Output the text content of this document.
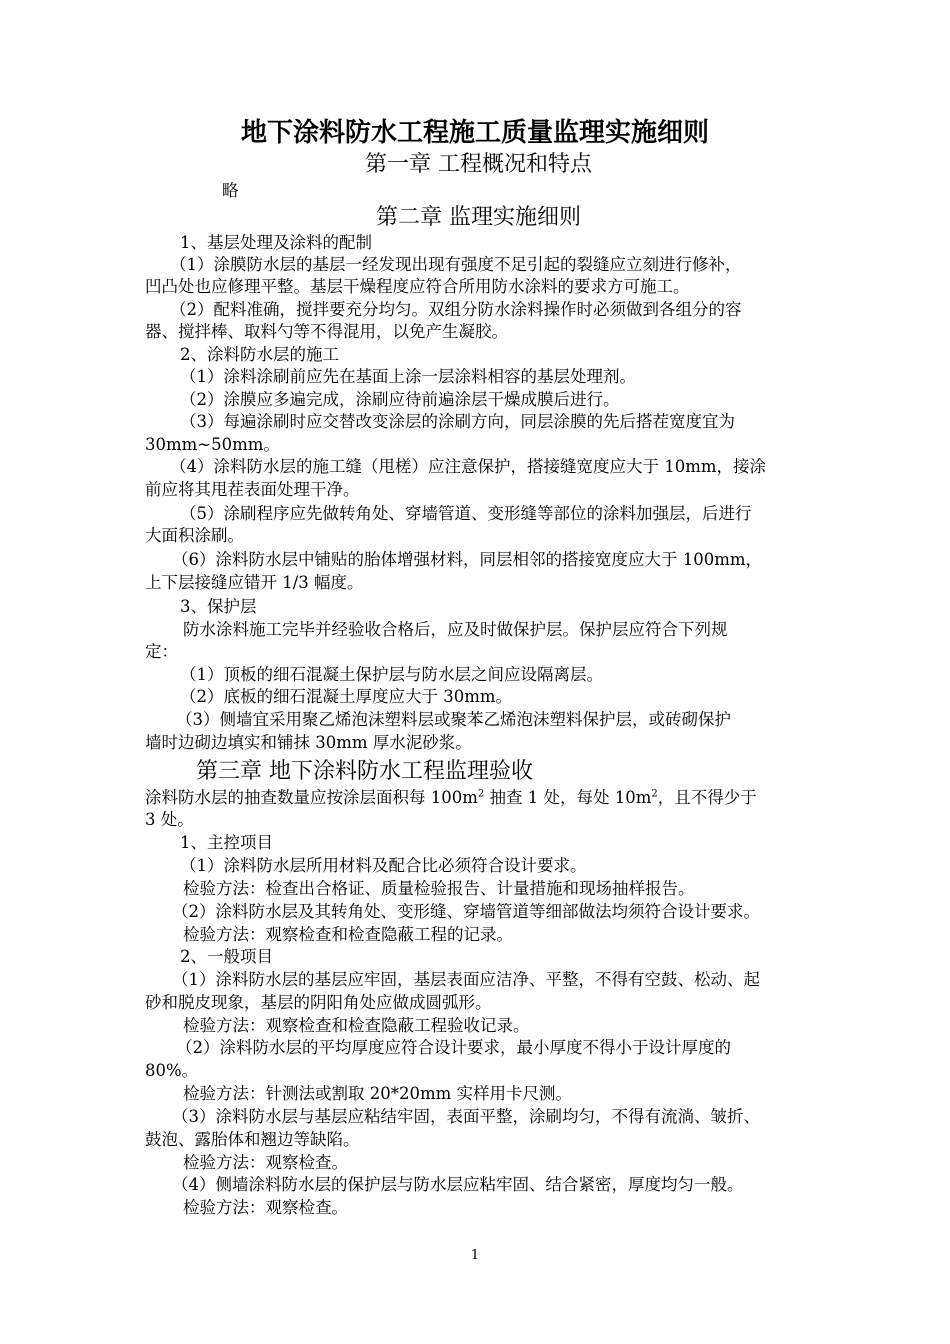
地下涂料防水工程施工质量监理实施细则
第一章 工程概况和特点
略
第二章 监理实施细则
1、基层处理及涂料的配制
（1）涂膜防水层的基层一经发现出现有强度不足引起的裂缝应立刻进行修补，
凹凸处也应修理平整。基层干燥程度应符合所用防水涂料的要求方可施工。
（2）配料准确，搅拌要充分均匀。双组分防水涂料操作时必须做到各组分的容
器、搅拌棒、取料勺等不得混用，以免产生凝胶。
2、涂料防水层的施工
（1）涂料涂刷前应先在基面上涂一层涂料相容的基层处理剂。
（2）涂膜应多遍完成，涂刷应待前遍涂层干燥成膜后进行。
（3）每遍涂刷时应交替改变涂层的涂刷方向，同层涂膜的先后搭茬宽度宜为
30mm~50mm。
（4）涂料防水层的施工缝（甩槎）应注意保护，搭接缝宽度应大于 10mm，接涂
前应将其甩茬表面处理干净。
（5）涂刷程序应先做转角处、穿墙管道、变形缝等部位的涂料加强层，后进行
大面积涂刷。
（6）涂料防水层中铺贴的胎体增强材料，同层相邻的搭接宽度应大于 100mm，
上下层接缝应错开 1/3 幅度。
3、保护层
防水涂料施工完毕并经验收合格后，应及时做保护层。保护层应符合下列规
定：
（1）顶板的细石混凝土保护层与防水层之间应设隔离层。
（2）底板的细石混凝土厚度应大于 30mm。
（3）侧墙宜采用聚乙烯泡沫塑料层或聚苯乙烯泡沫塑料保护层，或砖砌保护
墙时边砌边填实和铺抹 30mm 厚水泥砂浆。
第三章 地下涂料防水工程监理验收
涂料防水层的抽查数量应按涂层面积每 $100m^2$ 抽查 1 处，每处 $10m^2$，且不得少于
3 处。
1、主控项目
（1）涂料防水层所用材料及配合比必须符合设计要求。
检验方法：检查出合格证、质量检验报告、计量措施和现场抽样报告。
（2）涂料防水层及其转角处、变形缝、穿墙管道等细部做法均须符合设计要求。
检验方法：观察检查和检查隐蔽工程的记录。
2、一般项目
（1）涂料防水层的基层应牢固，基层表面应洁净、平整，不得有空鼓、松动、起
砂和脱皮现象，基层的阴阳角处应做成圆弧形。
检验方法：观察检查和检查隐蔽工程验收记录。
（2）涂料防水层的平均厚度应符合设计要求，最小厚度不得小于设计厚度的
80%。
检验方法：针测法或割取 20*20mm 实样用卡尺测。
（3）涂料防水层与基层应粘结牢固，表面平整，涂刷均匀，不得有流淌、皱折、
鼓泡、露胎体和翘边等缺陷。
检验方法：观察检查。
（4）侧墙涂料防水层的保护层与防水层应粘牢固、结合紧密，厚度均匀一般。
检验方法：观察检查。
1
